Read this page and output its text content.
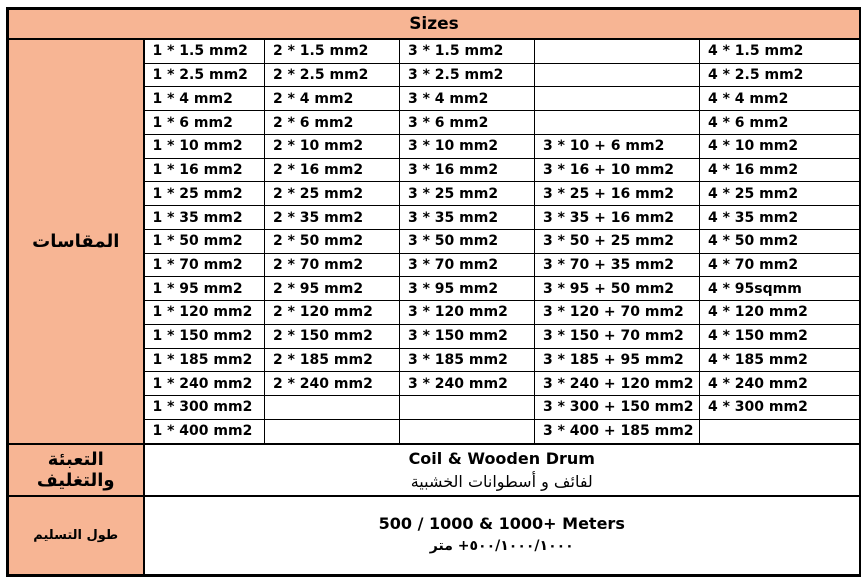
Sizes					
المقاسات	1 * 1.5 mm2	2 * 1.5 mm2	3 * 1.5 mm2		4 * 1.5 mm2
	1 * 2.5 mm2	2 * 2.5 mm2	3 * 2.5 mm2		4 * 2.5 mm2
	1 * 4 mm2	2 * 4 mm2	3 * 4 mm2		4 * 4 mm2
	1 * 6 mm2	2 * 6 mm2	3 * 6 mm2		4 * 6 mm2
	1 * 10 mm2	2 * 10 mm2	3 * 10 mm2	3 * 10 + 6 mm2	4 * 10 mm2
	1 * 16 mm2	2 * 16 mm2	3 * 16 mm2	3 * 16 + 10 mm2	4 * 16 mm2
	1 * 25 mm2	2 * 25 mm2	3 * 25 mm2	3 * 25 + 16 mm2	4 * 25 mm2
	1 * 35 mm2	2 * 35 mm2	3 * 35 mm2	3 * 35 + 16 mm2	4 * 35 mm2
	1 * 50 mm2	2 * 50 mm2	3 * 50 mm2	3 * 50 + 25 mm2	4 * 50 mm2
	1 * 70 mm2	2 * 70 mm2	3 * 70 mm2	3 * 70 + 35 mm2	4 * 70 mm2
	1 * 95 mm2	2 * 95 mm2	3 * 95 mm2	3 * 95 + 50 mm2	4 * 95sqmm
	1 * 120 mm2	2 * 120 mm2	3 * 120 mm2	3 * 120 + 70 mm2	4 * 120 mm2
	1 * 150 mm2	2 * 150 mm2	3 * 150 mm2	3 * 150 + 70 mm2	4 * 150 mm2
	1 * 185 mm2	2 * 185 mm2	3 * 185 mm2	3 * 185 + 95 mm2	4 * 185 mm2
	1 * 240 mm2	2 * 240 mm2	3 * 240 mm2	3 * 240 + 120 mm2	4 * 240 mm2
	1 * 300 mm2			3 * 300 + 150 mm2	4 * 300 mm2
	1 * 400 mm2			3 * 400 + 185 mm2	
التعبئة والتغليف	Coil & Wooden Drum
لفائف و أسطوانات الخشبية				

طول التسليم	500 / 1000 & 1000+ Meters
٥٠٠/١٠٠٠/١٠٠٠+ متر				
